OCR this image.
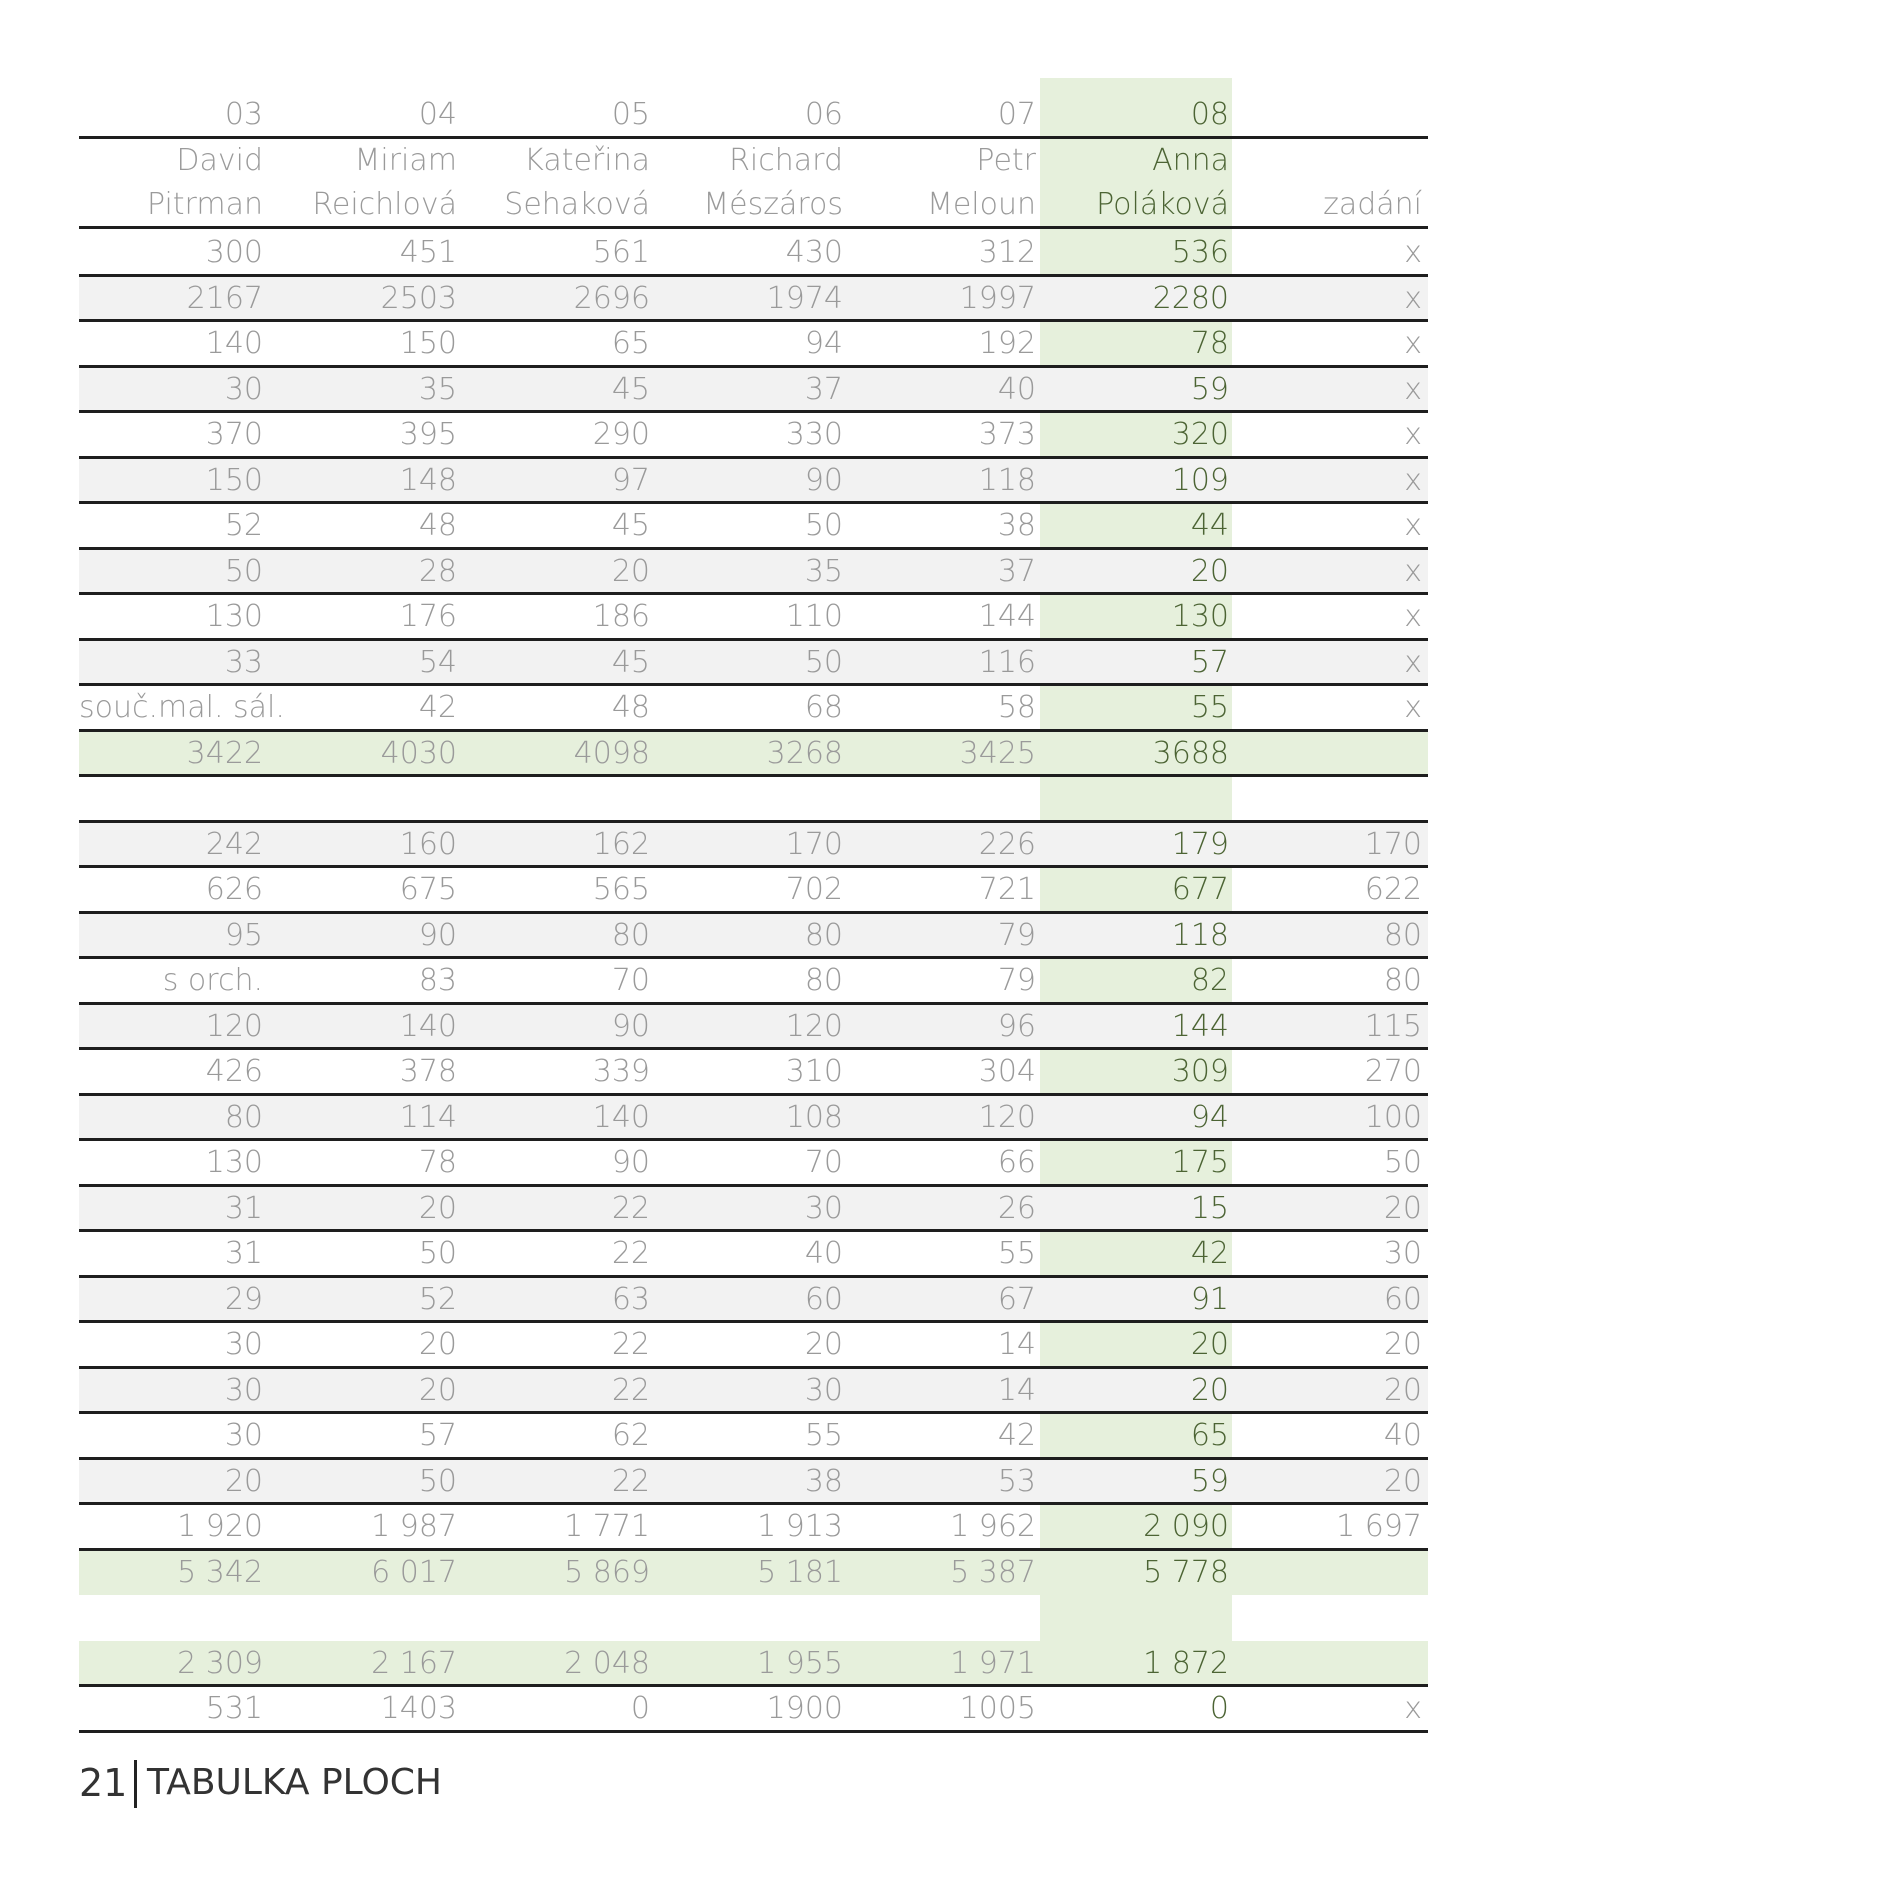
03	04	05	06	07	08
David	Miriam	Kateřina	Richard	Petr	Anna
Pitrman	Reichlová	Sehaková	Mészáros	Meloun	Poláková	zadání
300	451	561	430	312	536	x
2167	2503	2696	1974	1997	2280	x
140	150	65	94	192	78	x
30	35	45	37	40	59	x
370	395	290	330	373	320	x
150	148	97	90	118	109	x
52	48	45	50	38	44	x
50	28	20	35	37	20	x
130	176	186	110	144	130	x
33	54	45	50	116	57	x
souč.mal. sál.	42	48	68	58	55	x
3422	4030	4098	3268	3425	3688
242	160	162	170	226	179	170
626	675	565	702	721	677	622
95	90	80	80	79	118	80
s orch.	83	70	80	79	82	80
120	140	90	120	96	144	115
426	378	339	310	304	309	270
80	114	140	108	120	94	100
130	78	90	70	66	175	50
31	20	22	30	26	15	20
31	50	22	40	55	42	30
29	52	63	60	67	91	60
30	20	22	20	14	20	20
30	20	22	30	14	20	20
30	57	62	55	42	65	40
20	50	22	38	53	59	20
1 920	1 987	1 771	1 913	1 962	2 090	1 697
5 342	6 017	5 869	5 181	5 387	5 778
2 309	2 167	2 048	1 955	1 971	1 872
531	1403	0	1900	1005	0	x
21 TABULKA PLOCH
